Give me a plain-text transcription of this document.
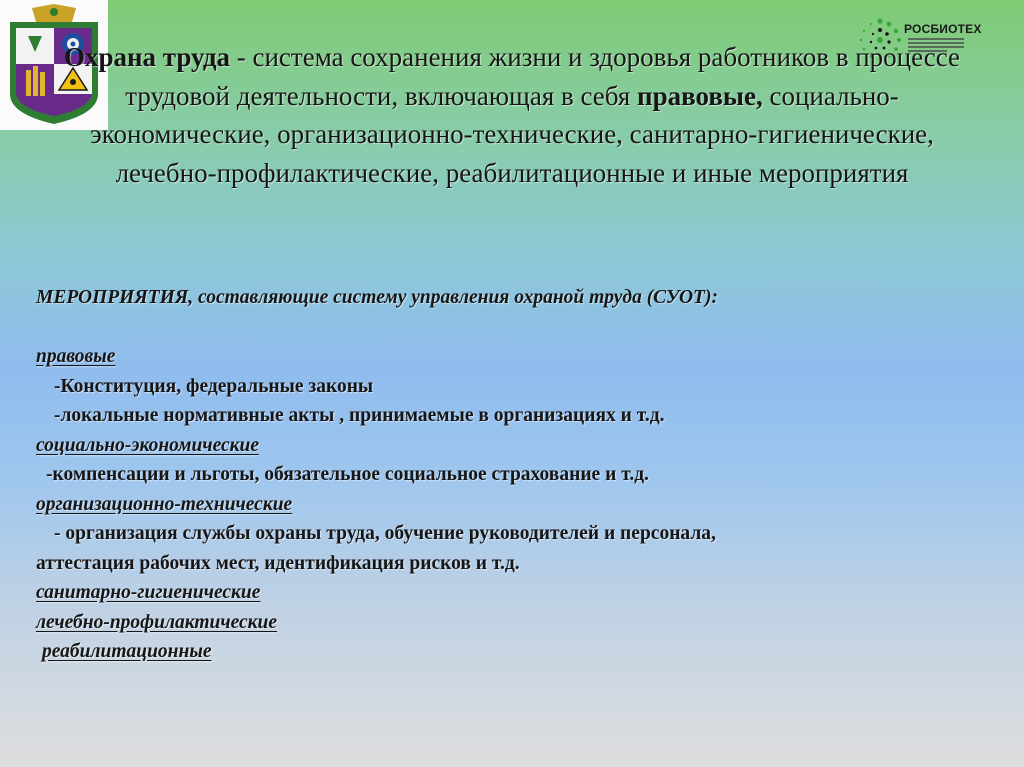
РОСБИОТЕХ
Охрана труда - система сохранения жизни и здоровья работников в процессе трудовой деятельности, включающая в себя правовые, социально-экономические, организационно-технические, санитарно-гигиенические, лечебно-профилактические, реабилитационные и иные мероприятия
МЕРОПРИЯТИЯ, составляющие систему управления охраной труда (СУОТ):
правовые
-Конституция, федеральные законы
-локальные нормативные акты , принимаемые в организациях и т.д.
социально-экономические
-компенсации и льготы, обязательное социальное страхование и т.д.
организационно-технические
- организация службы охраны труда, обучение руководителей и персонала,
аттестация рабочих мест, идентификация рисков и т.д.
санитарно-гигиенические
лечебно-профилактические
реабилитационные
